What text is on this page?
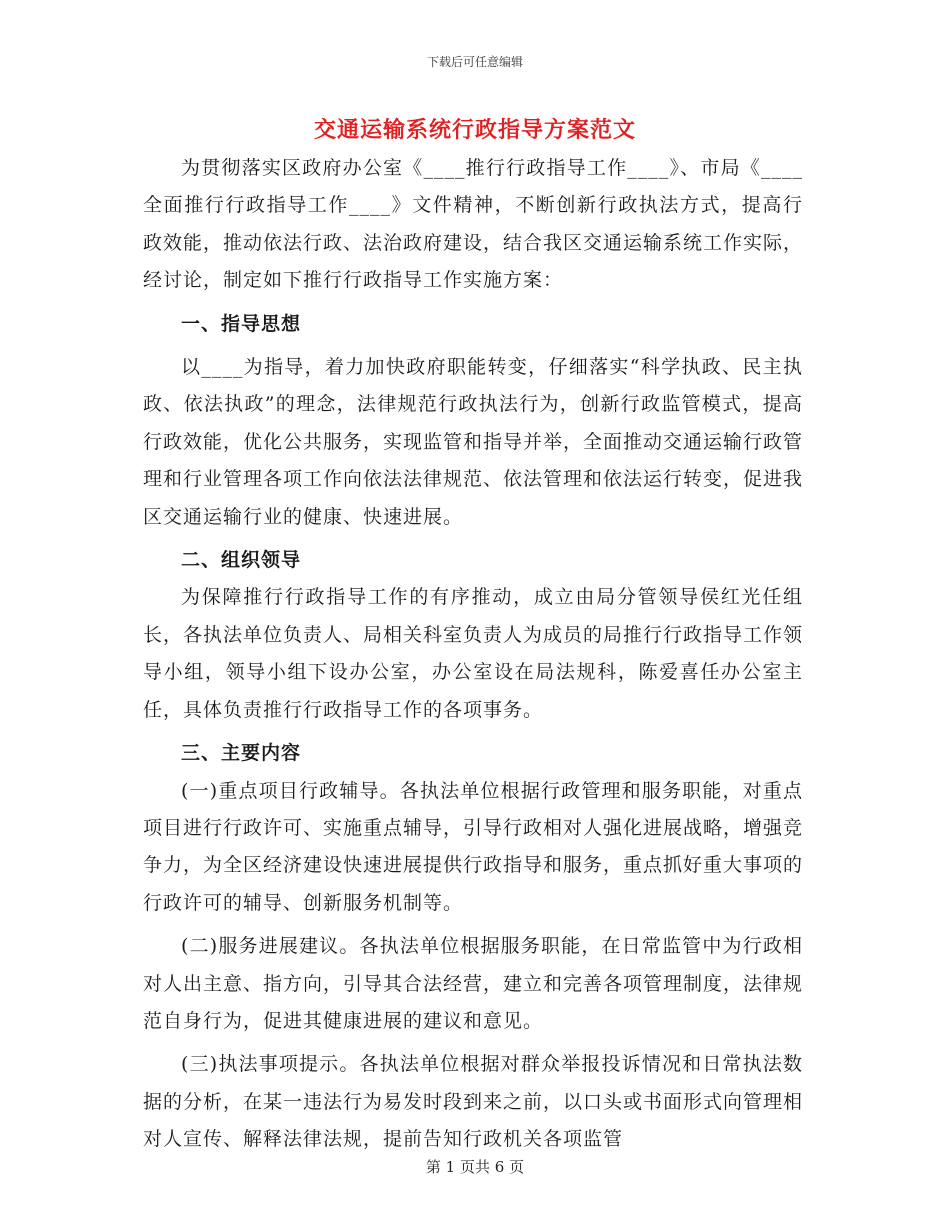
下载后可任意编辑
交通运输系统行政指导方案范文

为贯彻落实区政府办公室《____推行行政指导工作____》、市局《____全面推行行政指导工作____》文件精神，不断创新行政执法方式，提高行政效能，推动依法行政、法治政府建设，结合我区交通运输系统工作实际，经讨论，制定如下推行行政指导工作实施方案：

一、指导思想

以____为指导，着力加快政府职能转变，仔细落实“科学执政、民主执政、依法执政”的理念，法律规范行政执法行为，创新行政监管模式，提高行政效能，优化公共服务，实现监管和指导并举，全面推动交通运输行政管理和行业管理各项工作向依法法律规范、依法管理和依法运行转变，促进我区交通运输行业的健康、快速进展。

二、组织领导

为保障推行行政指导工作的有序推动，成立由局分管领导侯红光任组长，各执法单位负责人、局相关科室负责人为成员的局推行行政指导工作领导小组，领导小组下设办公室，办公室设在局法规科，陈爱喜任办公室主任，具体负责推行行政指导工作的各项事务。

三、主要内容

(一)重点项目行政辅导。各执法单位根据行政管理和服务职能，对重点项目进行行政许可、实施重点辅导，引导行政相对人强化进展战略，增强竞争力，为全区经济建设快速进展提供行政指导和服务，重点抓好重大事项的行政许可的辅导、创新服务机制等。

(二)服务进展建议。各执法单位根据服务职能，在日常监管中为行政相对人出主意、指方向，引导其合法经营，建立和完善各项管理制度，法律规范自身行为，促进其健康进展的建议和意见。

(三)执法事项提示。各执法单位根据对群众举报投诉情况和日常执法数据的分析，在某一违法行为易发时段到来之前，以口头或书面形式向管理相对人宣传、解释法律法规，提前告知行政机关各项监管

第 1 页共 6 页
